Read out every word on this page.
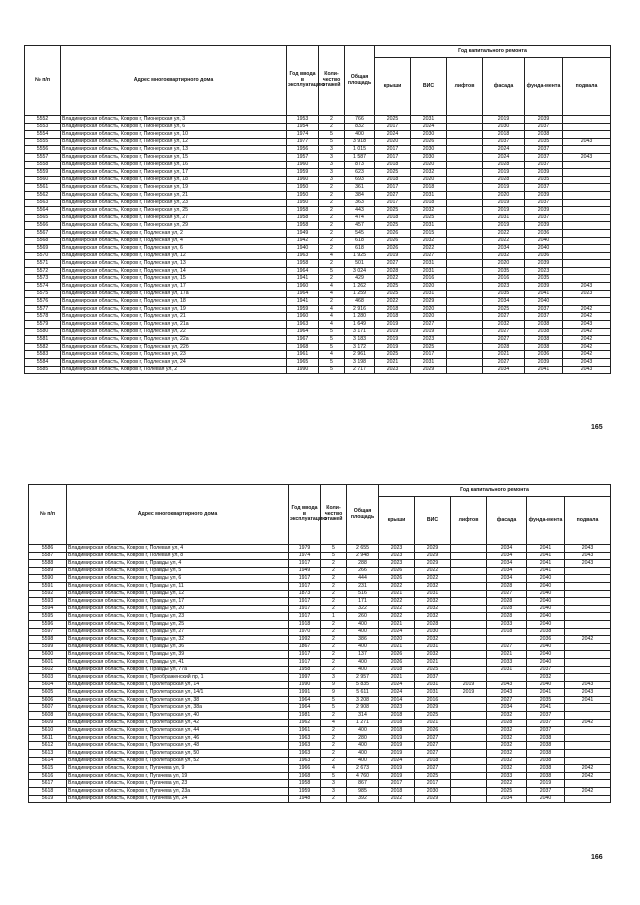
№ п/п	Адрес многоквартирного дома	Год ввода в эксплуатацию	Коли-чество этажей	Общая площадь	Год капитального ремонта					
					крыши	ВИС	лифтов	фасада	фунда-мента	подвала
5552	Владимирская область, Ковров г, Пионерская ул, 3	1953	2	766	2025	2031		2019	2039	
5553	Владимирская область, Ковров г, Пионерская ул, 6	1954	2	832	2017	2024		2030	2037	
5554	Владимирская область, Ковров г, Пионерская ул, 10	1974	5	400	2024	2030		2018	2038	
5555	Владимирская область, Ковров г, Пионерская ул, 12	1977	5	3 918	2020	2026		2037	2035	2043
5556	Владимирская область, Ковров г, Пионерская ул, 13	1956	3	1 015	2017	2030		2024	2037	
5557	Владимирская область, Ковров г, Пионерская ул, 15	1957	3	1 587	2017	2030		2024	2037	2043
5558	Владимирская область, Ковров г, Пионерская ул, 16	1960	3	873	2018	2020		2028	2037	
5559	Владимирская область, Ковров г, Пионерская ул, 17	1959	3	623	2025	2032		2019	2039	
5560	Владимирская область, Ковров г, Пионерская ул, 18	1960	3	693	2018	2020		2028	2035	
5561	Владимирская область, Ковров г, Пионерская ул, 19	1950	2	361	2017	2018		2019	2037	
5562	Владимирская область, Ковров г, Пионерская ул, 21	1950	2	384	2027	2031		2020	2039	
5563	Владимирская область, Ковров г, Пионерская ул, 23	1950	2	363	2017	2018		2019	2037	
5564	Владимирская область, Ковров г, Пионерская ул, 25	1958	2	443	2025	2032		2019	2039	
5565	Владимирская область, Ковров г, Пионерская ул, 27	1958	2	474	2018	2025		2031	2037	
5566	Владимирская область, Ковров г, Пионерская ул, 29	1958	2	457	2025	2031		2019	2039	
5567	Владимирская область, Ковров г, Подлесная ул, 2	1949	2	545	2026	2015		2022	2036	
5568	Владимирская область, Ковров г, Подлесная ул, 4	1942	2	618	2026	2032		2022	2040	
5569	Владимирская область, Ковров г, Подлесная ул, 6	1940	2	618	2026	2022		2034	2040	
5570	Владимирская область, Ковров г, Подлесная ул, 12	1963	4	1 925	2019	2027		2032	2036	
5571	Владимирская область, Ковров г, Подлесная ул, 13	1958	2	501	2027	2031		2020	2039	
5572	Владимирская область, Ковров г, Подлесная ул, 14	1964	5	3 024	2028	2031		2035	2023	
5573	Владимирская область, Ковров г, Подлесная ул, 15	1941	2	429	2022	2016		2016	2035	
5574	Владимирская область, Ковров г, Подлесная ул, 17	1960	4	1 262	2025	2020		2023	2039	2043
5575	Владимирская область, Ковров г, Подлесная ул, 17а	1964	4	1 259	2025	2031		2035	2041	2023
5576	Владимирская область, Ковров г, Подлесная ул, 18	1941	2	468	2022	2029		2034	2040	
5577	Владимирская область, Ковров г, Подлесная ул, 19	1959	4	2 916	2018	2020		2025	2037	2042
5578	Владимирская область, Ковров г, Подлесная ул, 21	1960	4	1 280	2018	2020		2027	2037	2042
5579	Владимирская область, Ковров г, Подлесная ул, 21а	1963	4	1 649	2019	2027		2032	2038	2043
5580	Владимирская область, Ковров г, Подлесная ул, 22	1964	5	3 171	2019	2019		2027	2038	2042
5581	Владимирская область, Ковров г, Подлесная ул, 22а	1967	5	3 183	2019	2023		2027	2038	2042
5582	Владимирская область, Ковров г, Подлесная ул, 22б	1968	5	3 172	2019	2025		2028	2038	2042
5583	Владимирская область, Ковров г, Подлесная ул, 23	1961	4	2 961	2025	2017		2021	2036	2042
5584	Владимирская область, Ковров г, Подлесная ул, 24	1965	5	3 198	2021	2031		2027	2039	2043
5585	Владимирская область, Ковров г, Полевая ул, 2	1990	5	2 717	2023	2029		2034	2041	2043
165
№ п/п	Адрес многоквартирного дома	Год ввода в эксплуатацию	Коли-чество этажей	Общая площадь	Год капитального ремонта					
					крыши	ВИС	лифтов	фасада	фунда-мента	подвала
5586	Владимирская область, Ковров г, Полевая ул, 4	1979	5	2 655	2023	2029		2034	2041	2043
5587	Владимирская область, Ковров г, Полевая ул, 8	1974	5	2 948	2023	2029		2034	2041	2043
5588	Владимирская область, Ковров г, Правды ул, 4	1917	2	288	2023	2029		2034	2041	2043
5589	Владимирская область, Ковров г, Правды ул, 5	1949	2	266	2026	2022		2034	2041	
5590	Владимирская область, Ковров г, Правды ул, 6	1917	2	444	2026	2022		2034	2040	
5591	Владимирская область, Ковров г, Правды ул, 11	1917	2	231	2022	2032		2028	2040	
5592	Владимирская область, Ковров г, Правды ул, 12	1873	2	516	2021	2031		2027	2040	
5593	Владимирская область, Ковров г, Правды ул, 17	1917	2	171	2022	2032		2028	2040	
5594	Владимирская область, Ковров г, Правды ул, 20	1917	2	322	2022	2032		2028	2040	
5595	Владимирская область, Ковров г, Правды ул, 23	1917	1	260	2022	2032		2028	2040	
5596	Владимирская область, Ковров г, Правды ул, 25	1918	2	400	2021	2028		2033	2040	
5597	Владимирская область, Ковров г, Правды ул, 27	1970	2	400	2024	2030		2018	2038	
5598	Владимирская область, Ковров г, Правды ул, 32	1992	2	386	2020	2032			2036	2042
5599	Владимирская область, Ковров г, Правды ул, 36	1867	2	400	2021	2031		2027	2040	
5600	Владимирская область, Ковров г, Правды ул, 39	1917	2	137	2026	2032		2021	2040	
5601	Владимирская область, Ковров г, Правды ул, 41	1917	2	400	2026	2021		2033	2040	
5602	Владимирская область, Ковров г, Правды ул, 77а	1958	2	400	2018	2025		2031	2037	
5603	Владимирская область, Ковров г, Преображенский пр, 1	1997	3	2 957	2021	2037			2032	
5604	Владимирская область, Ковров г, Пролетарская ул, 14	1990	9	5 835	2024	2031	2019	2043	2040	2043
5605	Владимирская область, Ковров г, Пролетарская ул, 14/1	1991	9	5 611	2024	2031	2019	2043	2041	2043
5606	Владимирская область, Ковров г, Пролетарская ул, 38	1964	5	3 208	2014	2016		2027	2035	2041
5607	Владимирская область, Ковров г, Пролетарская ул, 38а	1964	5	2 908	2023	2029		2034	2041	
5608	Владимирская область, Ковров г, Пролетарская ул, 40	1981	2	314	2018	2025		2032	2037	
5609	Владимирская область, Ковров г, Пролетарская ул, 42	1962	4	1 271	2018	2021		2028	2037	2042
5610	Владимирская область, Ковров г, Пролетарская ул, 44	1961	2	400	2018	2026		2032	2037	
5611	Владимирская область, Ковров г, Пролетарская ул, 46	1963	2	280	2019	2027		2032	2038	
5612	Владимирская область, Ковров г, Пролетарская ул, 48	1963	2	400	2019	2027		2032	2038	
5613	Владимирская область, Ковров г, Пролетарская ул, 50	1963	2	400	2019	2027		2032	2038	
5614	Владимирская область, Ковров г, Пролетарская ул, 52	1963	2	400	2024	2018		2032	2038	
5615	Владимирская область, Ковров г, Пугачева ул, 9	1966	4	2 673	2019	2027		2032	2038	2042
5616	Владимирская область, Ковров г, Пугачева ул, 19	1968	5	4 760	2019	2025		2033	2038	2042
5617	Владимирская область, Ковров г, Пугачева ул, 23	1958	3	867	2017	2017		2022	2019	
5618	Владимирская область, Ковров г, Пугачева ул, 23а	1959	3	985	2018	2030		2025	2037	2042
5619	Владимирская область, Ковров г, Пугачева ул, 24	1948	2	392	2022	2029		2034	2040	
166
